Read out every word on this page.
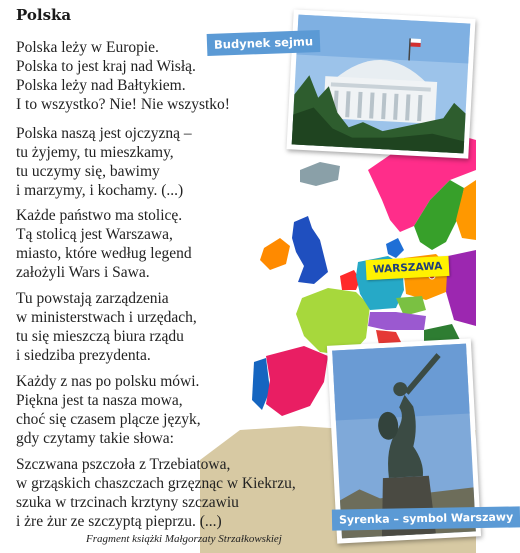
Budynek sejmu
WARSZAWA
Syrenka – symbol Warszawy
Polska
Polska leży w Europie.
Polska to jest kraj nad Wisłą.
Polska leży nad Bałtykiem.
I to wszystko? Nie! Nie wszystko!
Polska naszą jest ojczyzną –
tu żyjemy, tu mieszkamy,
tu uczymy się, bawimy
i marzymy, i kochamy. (...)
Każde państwo ma stolicę.
Tą stolicą jest Warszawa,
miasto, które według legend
założyli Wars i Sawa.
Tu powstają zarządzenia
w ministerstwach i urzędach,
tu się mieszczą biura rządu
i siedziba prezydenta.
Każdy z nas po polsku mówi.
Piękna jest ta nasza mowa,
choć się czasem plącze język,
gdy czytamy takie słowa:
Szczwana pszczoła z Trzebiatowa,
w grząskich chaszczach grzęznąc w Kiekrzu,
szuka w trzcinach krztyny szczawiu
i żre żur ze szczyptą pieprzu. (...)
Fragment książki Małgorzaty Strzałkowskiej
